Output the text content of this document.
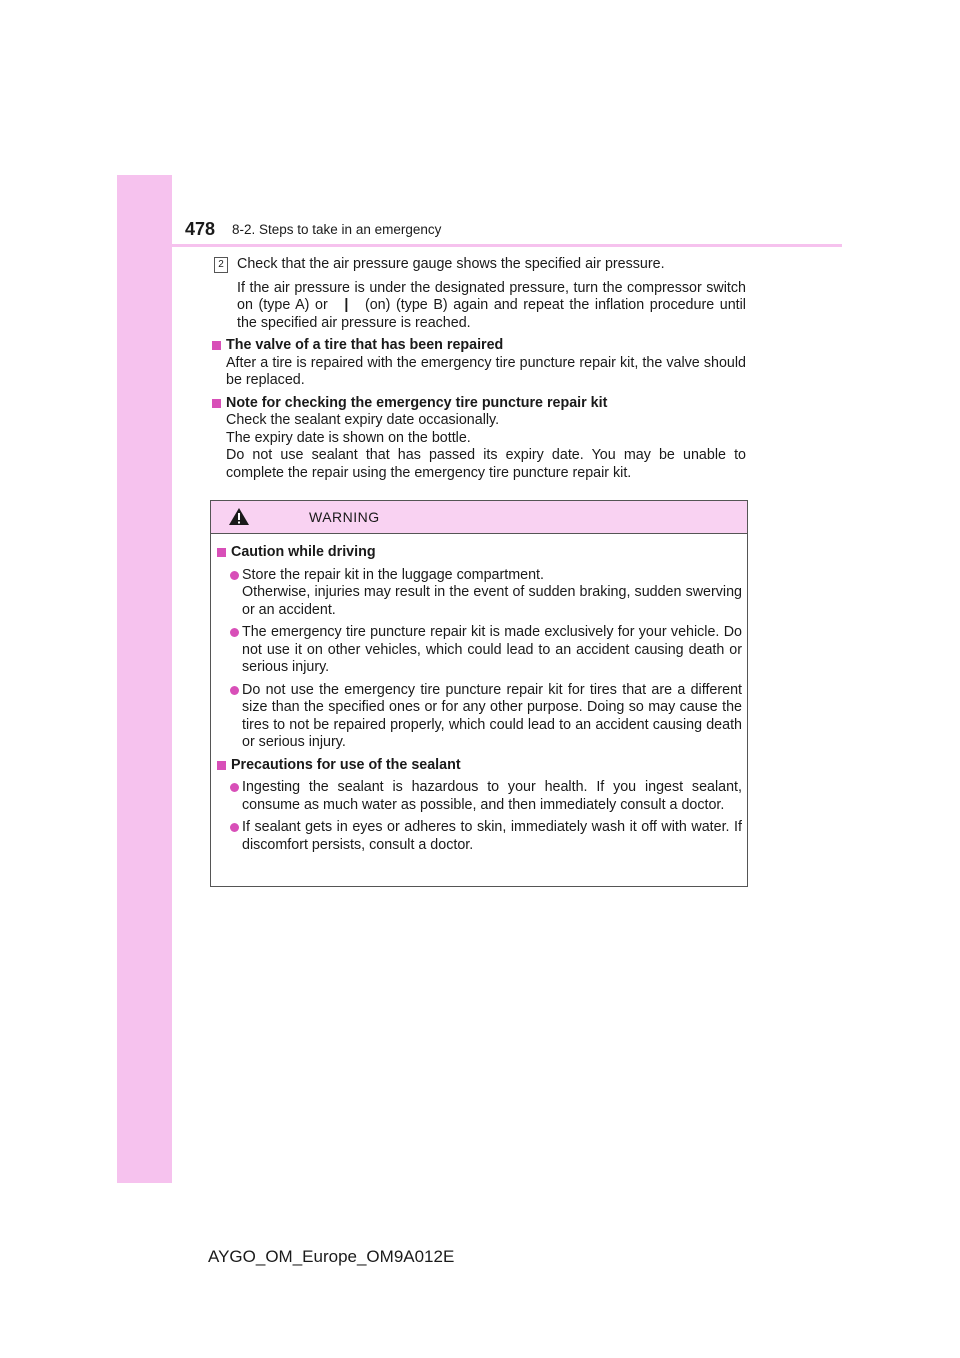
478 8-2. Steps to take in an emergency
2 Check that the air pressure gauge shows the specified air pressure.
If the air pressure is under the designated pressure, turn the compressor switch on (type A) or | (on) (type B) again and repeat the inflation procedure until the specified air pressure is reached.
The valve of a tire that has been repaired
After a tire is repaired with the emergency tire puncture repair kit, the valve should be replaced.
Note for checking the emergency tire puncture repair kit
Check the sealant expiry date occasionally.
The expiry date is shown on the bottle.
Do not use sealant that has passed its expiry date. You may be unable to complete the repair using the emergency tire puncture repair kit.
WARNING
Caution while driving
Store the repair kit in the luggage compartment.
Otherwise, injuries may result in the event of sudden braking, sudden swerving or an accident.
The emergency tire puncture repair kit is made exclusively for your vehicle. Do not use it on other vehicles, which could lead to an accident causing death or serious injury.
Do not use the emergency tire puncture repair kit for tires that are a different size than the specified ones or for any other purpose. Doing so may cause the tires to not be repaired properly, which could lead to an accident causing death or serious injury.
Precautions for use of the sealant
Ingesting the sealant is hazardous to your health. If you ingest sealant, consume as much water as possible, and then immediately consult a doctor.
If sealant gets in eyes or adheres to skin, immediately wash it off with water. If discomfort persists, consult a doctor.
AYGO_OM_Europe_OM9A012E
